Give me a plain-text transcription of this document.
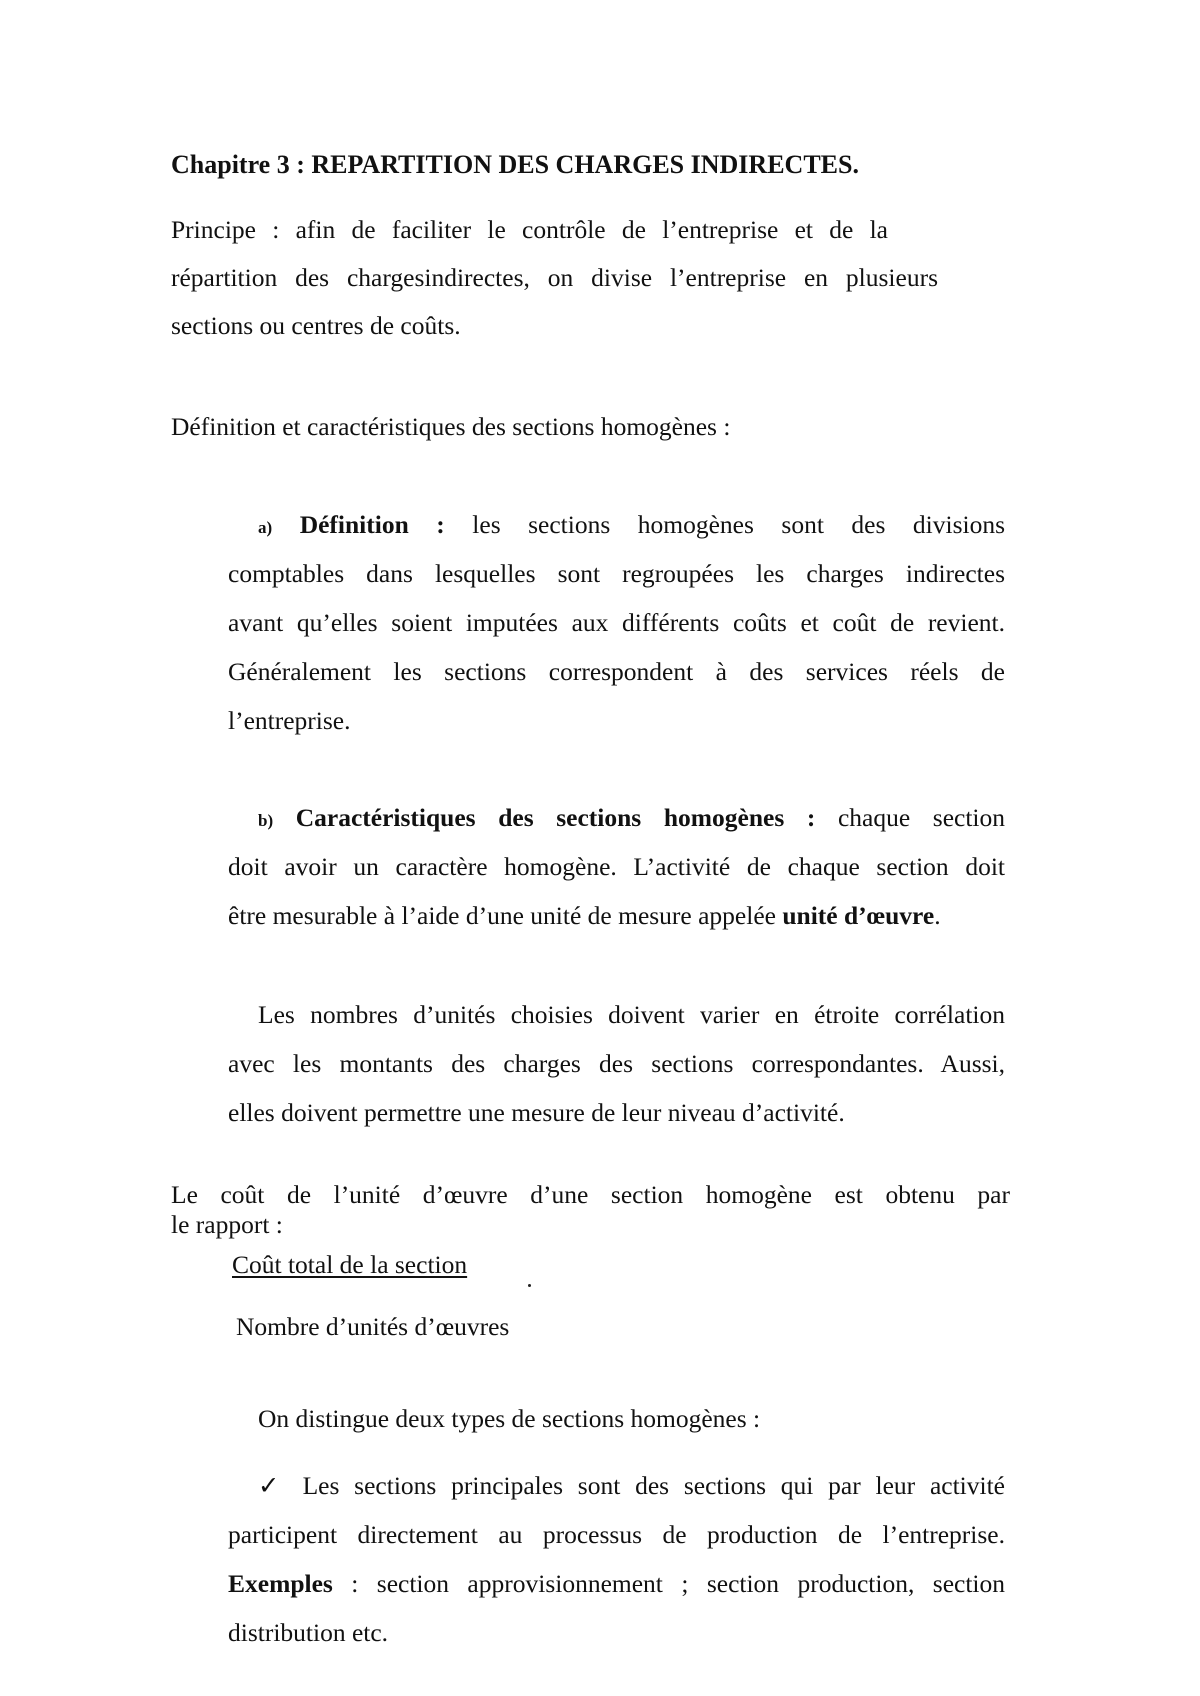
Chapitre 3 : REPARTITION DES CHARGES INDIRECTES.
Principe : afin de faciliter le contrôle de l’entreprise et de la
répartition des chargesindirectes, on divise l’entreprise en plusieurs
sections ou centres de coûts.
Définition et caractéristiques des sections homogènes :
a) Définition : les sections homogènes sont des divisions
comptables dans lesquelles sont regroupées les charges indirectes
avant qu’elles soient imputées aux différents coûts et coût de revient.
Généralement les sections correspondent à des services réels de
l’entreprise.
b) Caractéristiques des sections homogènes : chaque section
doit avoir un caractère homogène. L’activité de chaque section doit
être mesurable à l’aide d’une unité de mesure appelée unité d’œuvre.
Les nombres d’unités choisies doivent varier en étroite corrélation
avec les montants des charges des sections correspondantes. Aussi,
elles doivent permettre une mesure de leur niveau d’activité.
Le coût de l’unité d’œuvre d’une section homogène est obtenu par
le rapport :
Coût total de la section
Nombre d’unités d’œuvres
On distingue deux types de sections homogènes :
✓ Les sections principales sont des sections qui par leur activité
participent directement au processus de production de l’entreprise.
Exemples : section approvisionnement ; section production, section
distribution etc.
